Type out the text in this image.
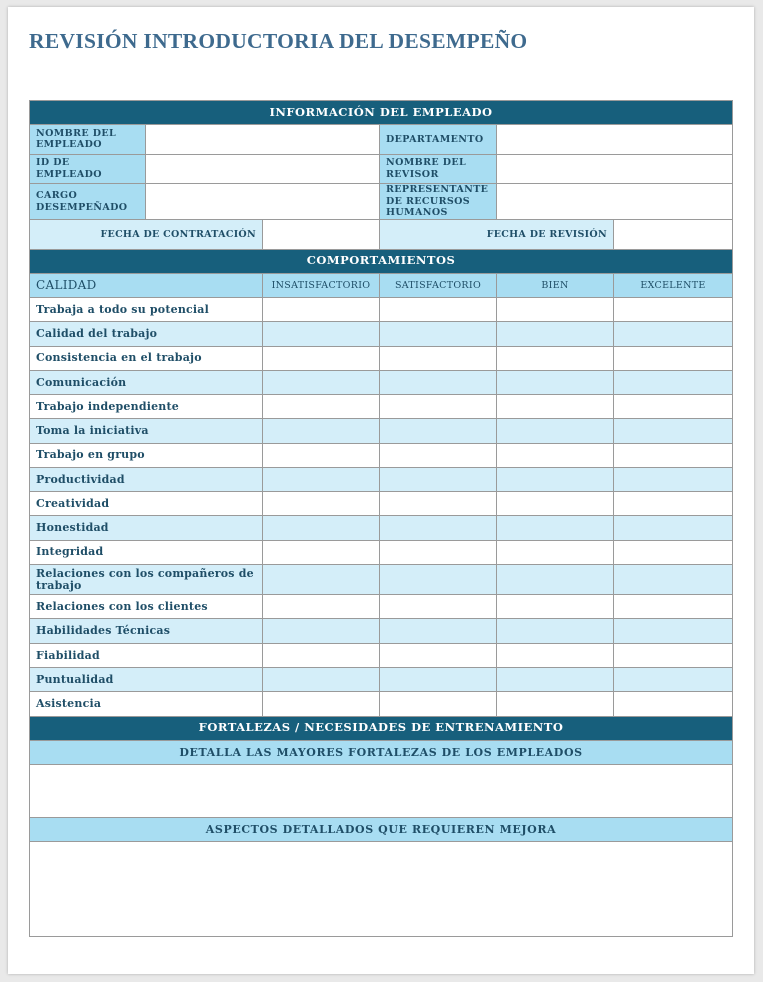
REVISIÓN INTRODUCTORIA DEL DESEMPEÑO
INFORMACIÓN DEL EMPLEADO					
NOMBRE DEL EMPLEADO			DEPARTAMENTO		
ID DE EMPLEADO			NOMBRE DEL REVISOR		
CARGO DESEMPEÑADO			REPRESENTANTE DE RECURSOS HUMANOS		
FECHA DE CONTRATACIÓN			FECHA DE REVISIÓN		
COMPORTAMIENTOS					
CALIDAD		INSATISFACTORIO	SATISFACTORIO	BIEN	EXCELENTE
Trabaja a todo su potencial					
Calidad del trabajo					
Consistencia en el trabajo					
Comunicación					
Trabajo independiente					
Toma la iniciativa					
Trabajo en grupo					
Productividad					
Creatividad					
Honestidad					
Integridad					
Relaciones con los compañeros de trabajo					
Relaciones con los clientes					
Habilidades Técnicas					
Fiabilidad					
Puntualidad					
Asistencia					
FORTALEZAS / NECESIDADES DE ENTRENAMIENTO					
DETALLA LAS MAYORES FORTALEZAS DE LOS EMPLEADOS					

ASPECTOS DETALLADOS QUE REQUIEREN MEJORA					
